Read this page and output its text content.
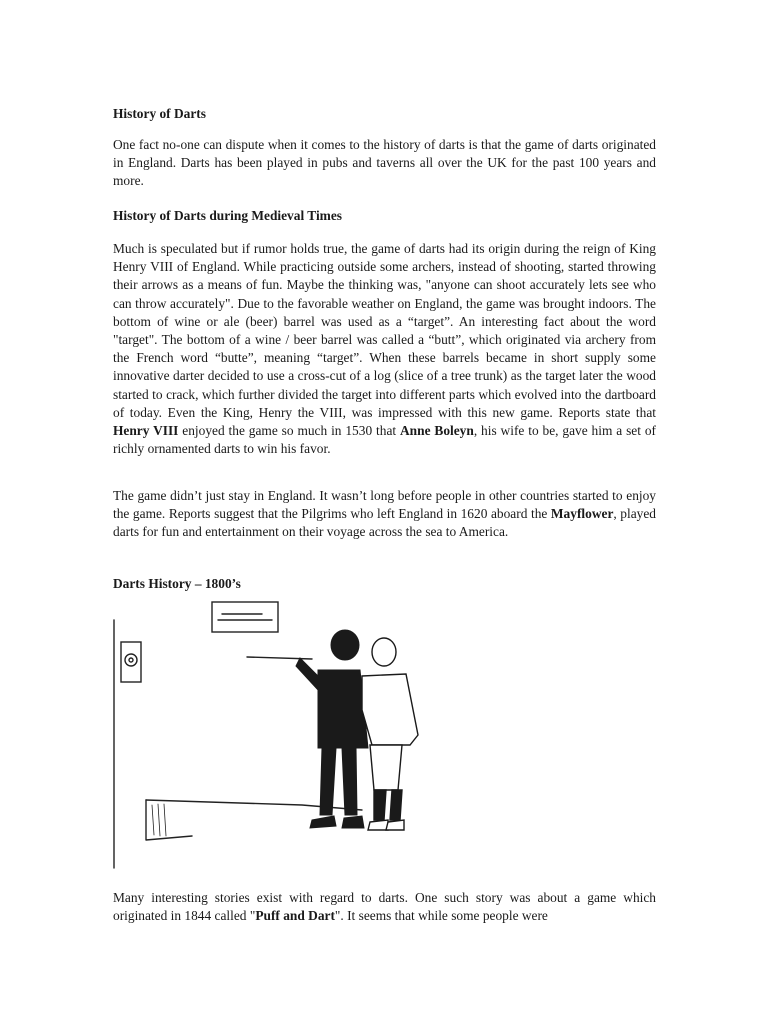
History of Darts

One fact no-one can dispute when it comes to the history of darts is that the game of darts originated in England. Darts has been played in pubs and taverns all over the UK for the past 100 years and more.

History of Darts during Medieval Times

Much is speculated but if rumor holds true, the game of darts had its origin during the reign of King Henry VIII of England. While practicing outside some archers, instead of shooting, started throwing their arrows as a means of fun. Maybe the thinking was, "anyone can shoot accurately lets see who can throw accurately". Due to the favorable weather on England, the game was brought indoors. The bottom of wine or ale (beer) barrel was used as a “target”. An interesting fact about the word "target". The bottom of a wine / beer barrel was called a “butt”, which originated via archery from the French word “butte”, meaning “target”. When these barrels became in short supply some innovative darter decided to use a cross-cut of a log (slice of a tree trunk) as the target later the wood started to crack, which further divided the target into different parts which evolved into the dartboard of today. Even the King, Henry the VIII, was impressed with this new game. Reports state that Henry VIII enjoyed the game so much in 1530 that Anne Boleyn, his wife to be, gave him a set of richly ornamented darts to win his favor.

The game didn’t just stay in England. It wasn’t long before people in other countries started to enjoy the game. Reports suggest that the Pilgrims who left England in 1620 aboard the Mayflower, played darts for fun and entertainment on their voyage across the sea to America.

Darts History – 1800’s

Many interesting stories exist with regard to darts. One such story was about a game which originated in 1844 called "Puff and Dart". It seems that while some people were
